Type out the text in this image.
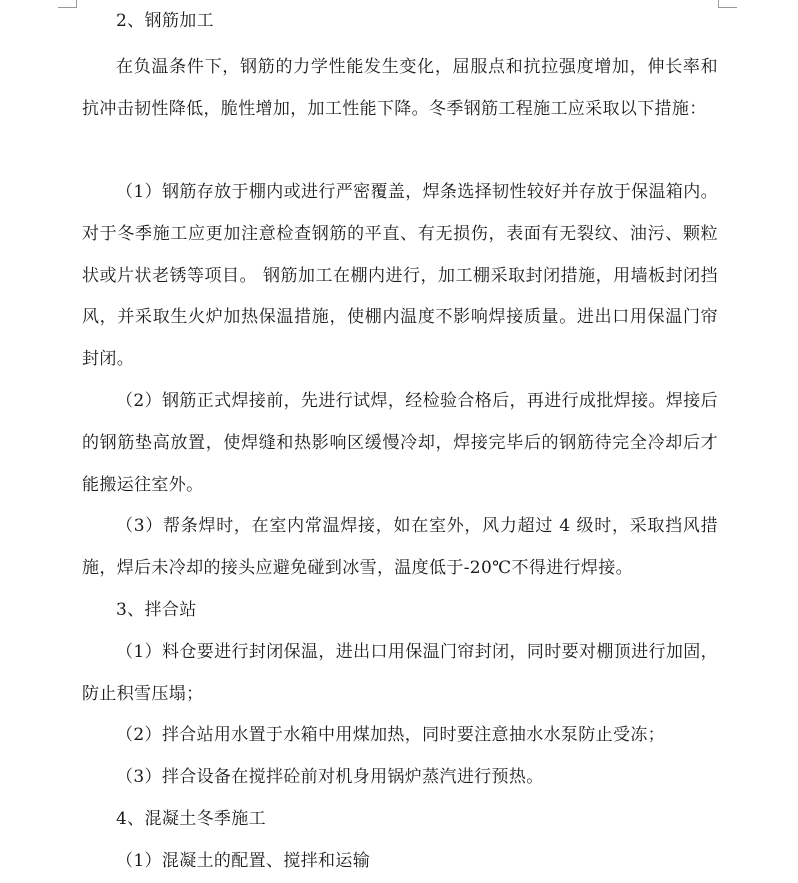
2、钢筋加工

在负温条件下，钢筋的力学性能发生变化，屈服点和抗拉强度增加，伸长率和抗冲击韧性降低，脆性增加，加工性能下降。冬季钢筋工程施工应采取以下措施：

（1）钢筋存放于棚内或进行严密覆盖，焊条选择韧性较好并存放于保温箱内。对于冬季施工应更加注意检查钢筋的平直、有无损伤，表面有无裂纹、油污、颗粒状或片状老锈等项目。 钢筋加工在棚内进行，加工棚采取封闭措施，用墙板封闭挡风，并采取生火炉加热保温措施，使棚内温度不影响焊接质量。进出口用保温门帘封闭。

（2）钢筋正式焊接前，先进行试焊，经检验合格后，再进行成批焊接。焊接后的钢筋垫高放置，使焊缝和热影响区缓慢冷却，焊接完毕后的钢筋待完全冷却后才能搬运往室外。

（3）帮条焊时，在室内常温焊接，如在室外，风力超过 4 级时，采取挡风措施，焊后未冷却的接头应避免碰到冰雪，温度低于-20℃不得进行焊接。

3、拌合站

（1）料仓要进行封闭保温，进出口用保温门帘封闭，同时要对棚顶进行加固，防止积雪压塌；

（2）拌合站用水置于水箱中用煤加热，同时要注意抽水水泵防止受冻；

（3）拌合设备在搅拌砼前对机身用锅炉蒸汽进行预热。

4、混凝土冬季施工

（1）混凝土的配置、搅拌和运输
